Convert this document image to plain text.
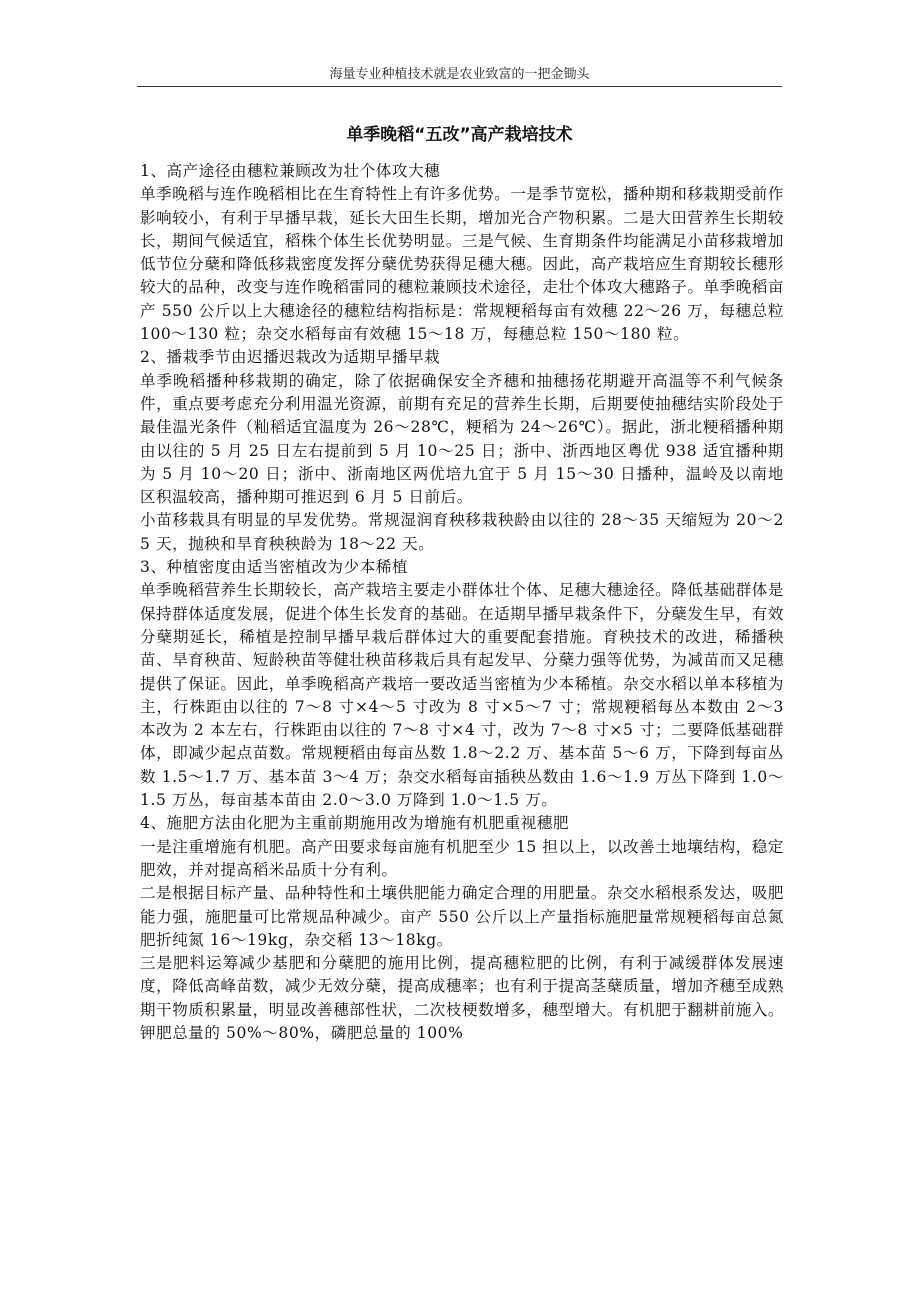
海量专业种植技术就是农业致富的一把金锄头
单季晚稻“五改”高产栽培技术

1、高产途径由穗粒兼顾改为壮个体攻大穗

单季晚稻与连作晚稻相比在生育特性上有许多优势。一是季节宽松，播种期和移栽期受前作影响较小，有利于早播早栽，延长大田生长期，增加光合产物积累。二是大田营养生长期较长，期间气候适宜，稻株个体生长优势明显。三是气候、生育期条件均能满足小苗移栽增加低节位分蘖和降低移栽密度发挥分蘖优势获得足穗大穗。因此，高产栽培应生育期较长穗形较大的品种，改变与连作晚稻雷同的穗粒兼顾技术途径，走壮个体攻大穗路子。单季晚稻亩产 550 公斤以上大穗途径的穗粒结构指标是：常规粳稻每亩有效穗 22～26 万，每穗总粒 100～130 粒；杂交水稻每亩有效穗 15～18 万，每穗总粒 150～180 粒。

2、播栽季节由迟播迟栽改为适期早播早栽

单季晚稻播种移栽期的确定，除了依据确保安全齐穗和抽穗扬花期避开高温等不利气候条件，重点要考虑充分利用温光资源，前期有充足的营养生长期，后期要使抽穗结实阶段处于最佳温光条件（籼稻适宜温度为 26～28℃，粳稻为 24～26℃）。据此，浙北粳稻播种期由以往的 5 月 25 日左右提前到 5 月 10～25 日；浙中、浙西地区粤优 938 适宜播种期为 5 月 10～20 日；浙中、浙南地区两优培九宜于 5 月 15～30 日播种，温岭及以南地区积温较高，播种期可推迟到 6 月 5 日前后。

小苗移栽具有明显的早发优势。常规湿润育秧移栽秧龄由以往的 28～35 天缩短为 20～25 天，抛秧和旱育秧秧龄为 18～22 天。

3、种植密度由适当密植改为少本稀植

单季晚稻营养生长期较长，高产栽培主要走小群体壮个体、足穗大穗途径。降低基础群体是保持群体适度发展，促进个体生长发育的基础。在适期早播早栽条件下，分蘖发生早，有效分蘖期延长，稀植是控制早播早栽后群体过大的重要配套措施。育秧技术的改进，稀播秧苗、旱育秧苗、短龄秧苗等健壮秧苗移栽后具有起发早、分蘖力强等优势，为减苗而又足穗提供了保证。因此，单季晚稻高产栽培一要改适当密植为少本稀植。杂交水稻以单本移植为主，行株距由以往的 7～8 寸×4～5 寸改为 8 寸×5～7 寸；常规粳稻每丛本数由 2～3 本改为 2 本左右，行株距由以往的 7～8 寸×4 寸，改为 7～8 寸×5 寸；二要降低基础群体，即减少起点苗数。常规粳稻由每亩丛数 1.8～2.2 万、基本苗 5～6 万，下降到每亩丛数 1.5～1.7 万、基本苗 3～4 万；杂交水稻每亩插秧丛数由 1.6～1.9 万丛下降到 1.0～1.5 万丛，每亩基本苗由 2.0～3.0 万降到 1.0～1.5 万。

4、施肥方法由化肥为主重前期施用改为增施有机肥重视穗肥

一是注重增施有机肥。高产田要求每亩施有机肥至少 15 担以上，以改善土地壤结构，稳定肥效，并对提高稻米品质十分有利。

二是根据目标产量、品种特性和土壤供肥能力确定合理的用肥量。杂交水稻根系发达，吸肥能力强，施肥量可比常规品种减少。亩产 550 公斤以上产量指标施肥量常规粳稻每亩总氮肥折纯氮 16～19kg，杂交稻 13～18kg。

三是肥料运筹减少基肥和分蘖肥的施用比例，提高穗粒肥的比例，有利于减缓群体发展速度，降低高峰苗数，减少无效分蘖，提高成穗率；也有利于提高茎蘖质量，增加齐穗至成熟期干物质积累量，明显改善穗部性状，二次枝梗数增多，穗型增大。有机肥于翻耕前施入。钾肥总量的 50%～80%，磷肥总量的 100%
